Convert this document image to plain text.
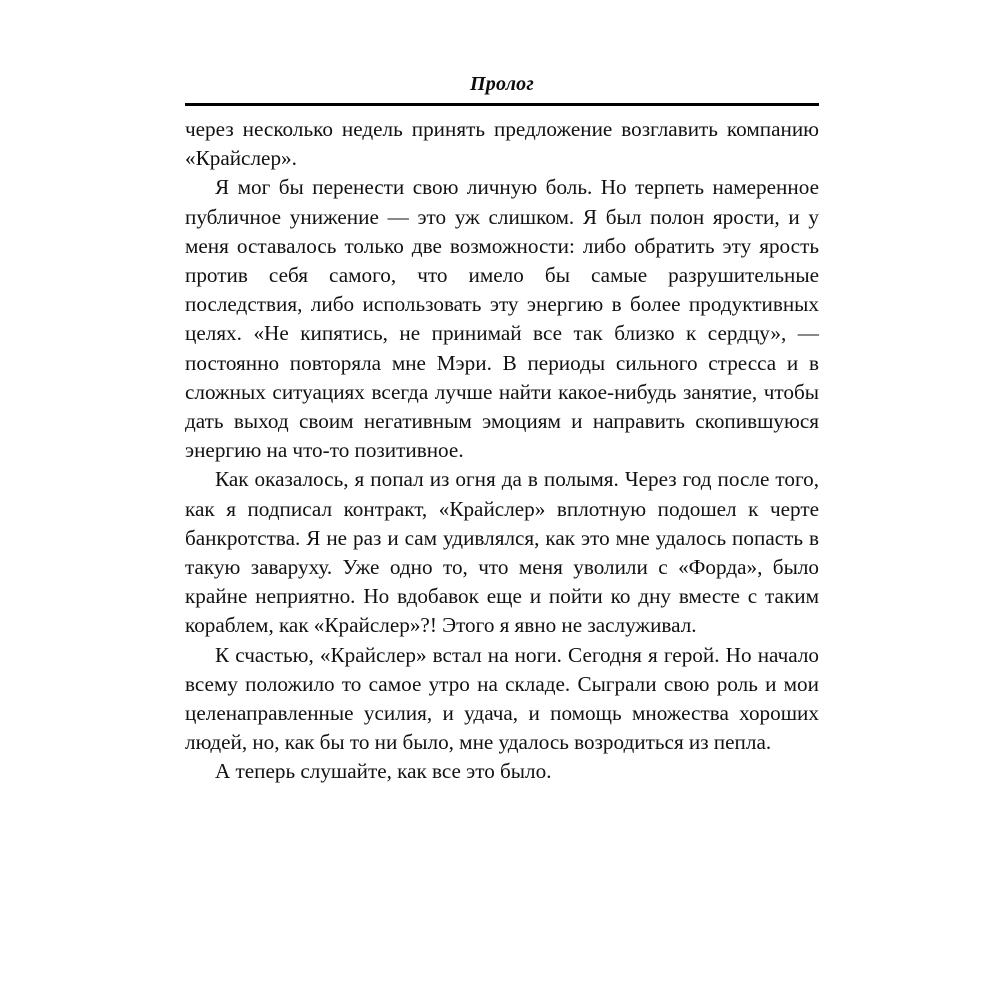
Пролог

через несколько недель принять предложение возглавить компанию «Крайслер».

Я мог бы перенести свою личную боль. Но терпеть намеренное публичное унижение — это уж слишком. Я был полон ярости, и у меня оставалось только две возможности: либо обратить эту ярость против себя самого, что имело бы самые разрушительные последствия, либо использовать эту энергию в более продуктивных целях. «Не кипятись, не принимай все так близко к сердцу», — постоянно повторяла мне Мэри. В периоды сильного стресса и в сложных ситуациях всегда лучше найти какое-нибудь занятие, чтобы дать выход своим негативным эмоциям и направить скопившуюся энергию на что-то позитивное.

Как оказалось, я попал из огня да в полымя. Через год после того, как я подписал контракт, «Крайслер» вплотную подошел к черте банкротства. Я не раз и сам удивлялся, как это мне удалось попасть в такую заваруху. Уже одно то, что меня уволили с «Форда», было крайне неприятно. Но вдобавок еще и пойти ко дну вместе с таким кораблем, как «Крайслер»?! Этого я явно не заслуживал.

К счастью, «Крайслер» встал на ноги. Сегодня я герой. Но начало всему положило то самое утро на складе. Сыграли свою роль и мои целенаправленные усилия, и удача, и помощь множества хороших людей, но, как бы то ни было, мне удалось возродиться из пепла.

А теперь слушайте, как все это было.
